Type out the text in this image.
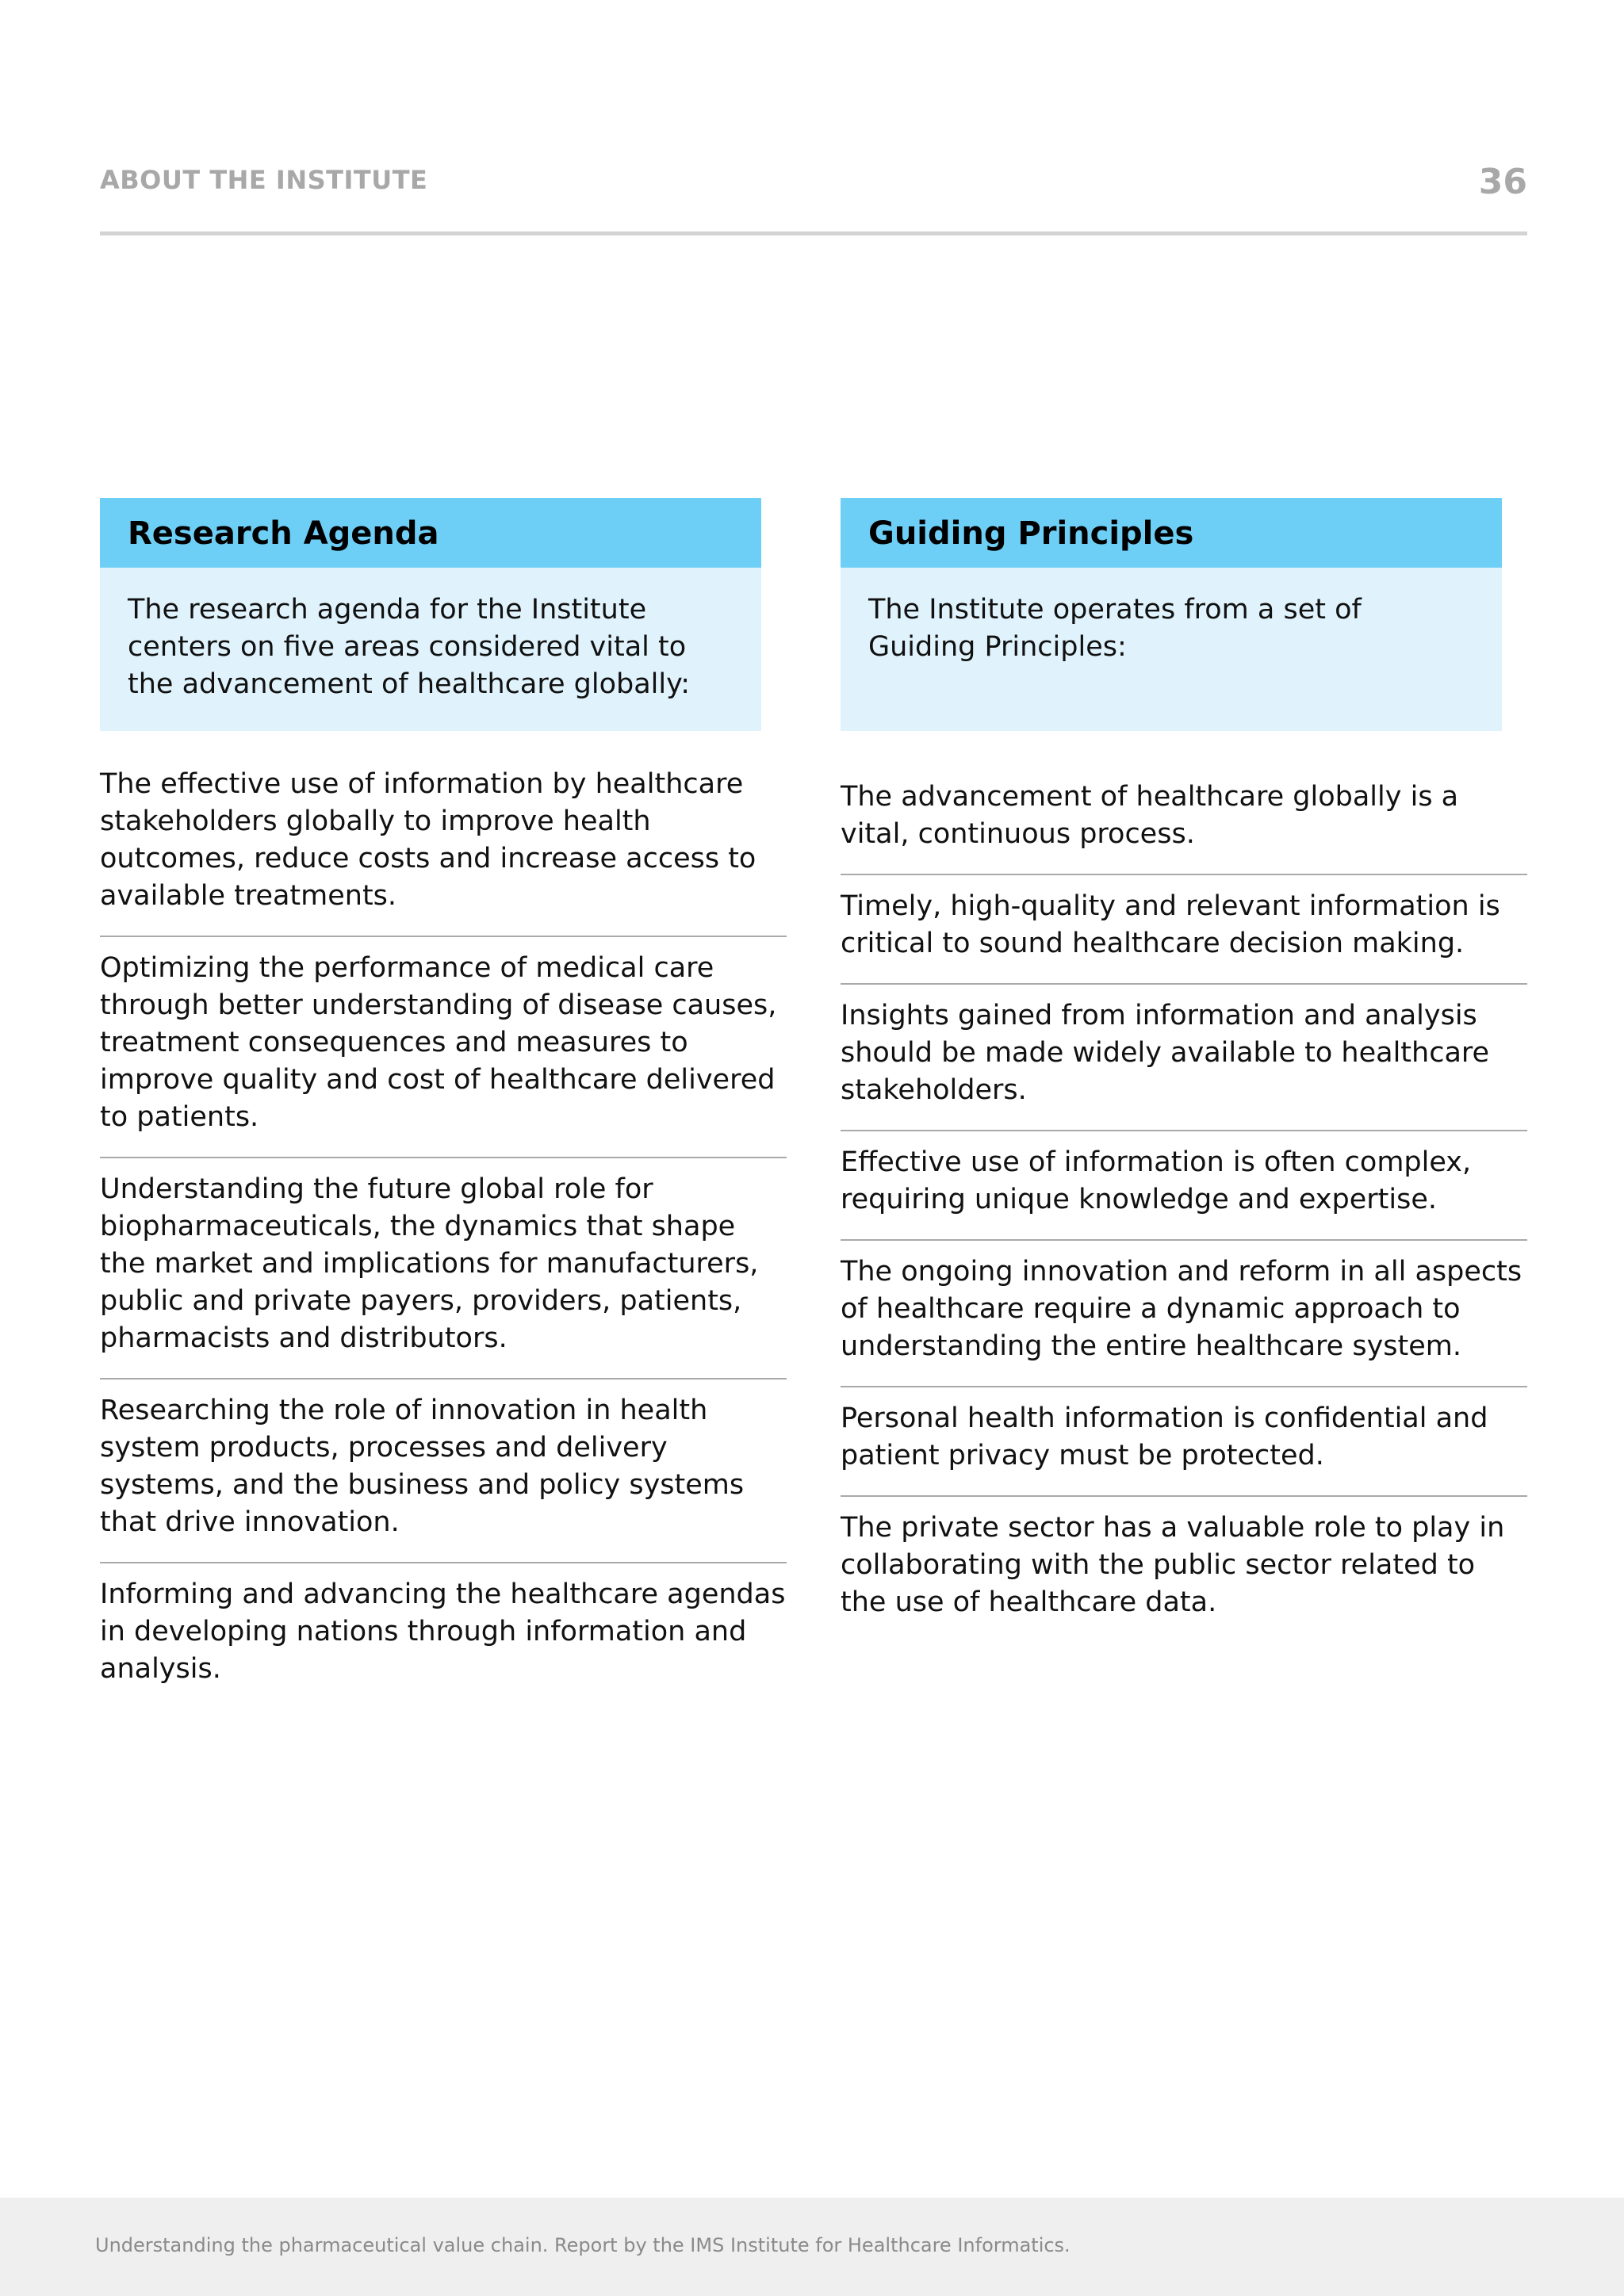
ABOUT THE INSTITUTE	36
Research Agenda
The research agenda for the Institute centers on five areas considered vital to the advancement of healthcare globally:
The effective use of information by healthcare stakeholders globally to improve health outcomes, reduce costs and increase access to available treatments.
Optimizing the performance of medical care through better understanding of disease causes, treatment consequences and measures to improve quality and cost of healthcare delivered to patients.
Understanding the future global role for biopharmaceuticals, the dynamics that shape the market and implications for manufacturers, public and private payers, providers, patients, pharmacists and distributors.
Researching the role of innovation in health system products, processes and delivery systems, and the business and policy systems that drive innovation.
Informing and advancing the healthcare agendas in developing nations through information and analysis.
Guiding Principles
The Institute operates from a set of Guiding Principles:
The advancement of healthcare globally is a vital, continuous process.
Timely, high-quality and relevant information is critical to sound healthcare decision making.
Insights gained from information and analysis should be made widely available to healthcare stakeholders.
Effective use of information is often complex, requiring unique knowledge and expertise.
The ongoing innovation and reform in all aspects of healthcare require a dynamic approach to understanding the entire healthcare system.
Personal health information is confidential and patient privacy must be protected.
The private sector has a valuable role to play in collaborating with the public sector related to the use of healthcare data.
Understanding the pharmaceutical value chain. Report by the IMS Institute for Healthcare Informatics.
